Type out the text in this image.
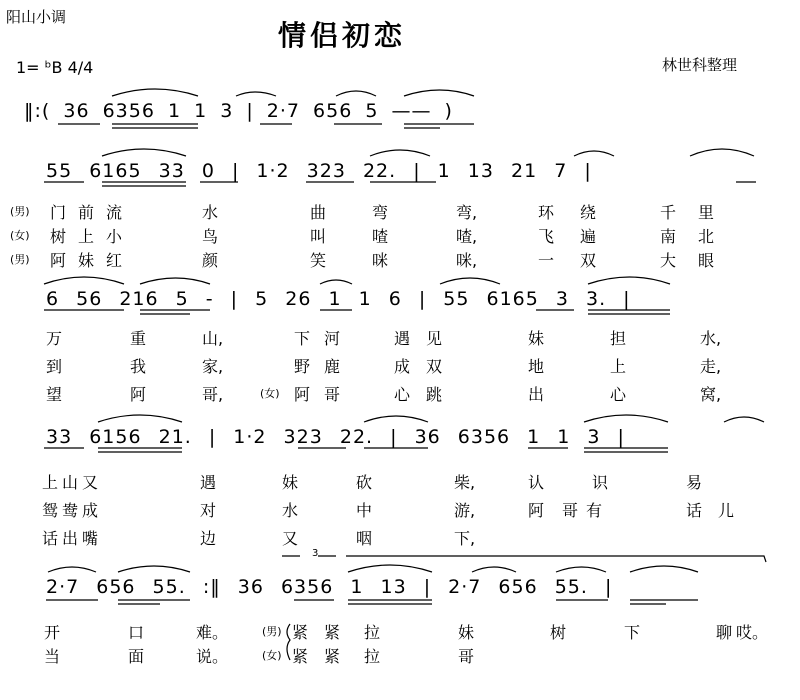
阳山小调
情侣初恋
1= ᵇB 4/4	林世科整理
‖:( 36 6356 1 1 3 | 2·7 656 5 —— )
55 6165 33 0 | 1·2 323 22. | 1 13 21 7 |
(男) 门前流	水	曲	弯	弯,	环 绕	千 里
(女) 树上小	鸟	叫	喳	喳,	飞 遍	南 北
(男) 阿妹红	颜	笑	咪	咪,	一 双	大 眼
6 56 216 5 - | 5 26 1 1 6 | 55 6165 3 3. |
万	重	山,	下 河	遇 见	妹	担	水,
到	我	家,	野 鹿	成 双	地	上	走,
望	阿	哥,	(女) 阿 哥	心 跳	出	心	窝,
33 6156 21. | 1·2 323 22. | 36 6356 1 1 3 |
上山又	遇	妹	砍	柴,	认	识	易
鸳鸯成	对	水	中	游,	阿 哥有	话儿
话出嘴	边	又	咽	下,
3
2·7 656 55. :‖ 36 6356 1 13 | 2·7 656 55. |
开	口	难。	(男) 紧 紧 拉	妹	树	下	聊 哎。
当	面	说。	(女) 紧 紧 拉	哥
